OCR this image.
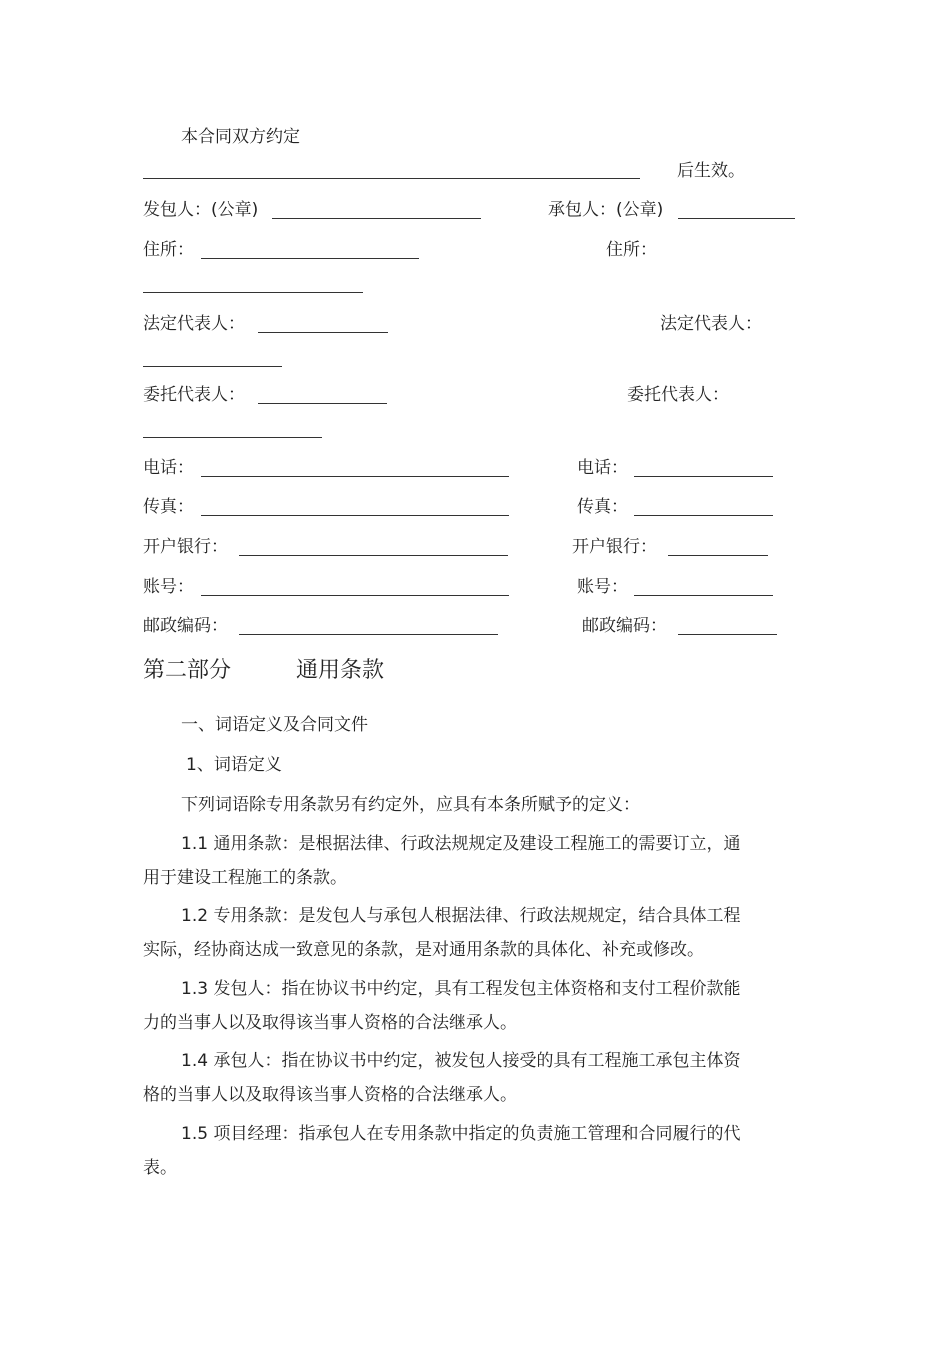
本合同双方约定
后生效。
发包人：(公章)	承包人：(公章)
住所：	住所：
法定代表人：	法定代表人：
委托代表人：	委托代表人：
电话：	电话：
传真：	传真：
开户银行：	开户银行：
账号：	账号：
邮政编码：	邮政编码：
第二部分	通用条款
一、词语定义及合同文件
1、词语定义
下列词语除专用条款另有约定外，应具有本条所赋予的定义：
1.1 通用条款：是根据法律、行政法规规定及建设工程施工的需要订立，通
用于建设工程施工的条款。
1.2 专用条款：是发包人与承包人根据法律、行政法规规定，结合具体工程
实际，经协商达成一致意见的条款，是对通用条款的具体化、补充或修改。
1.3 发包人：指在协议书中约定，具有工程发包主体资格和支付工程价款能
力的当事人以及取得该当事人资格的合法继承人。
1.4 承包人：指在协议书中约定，被发包人接受的具有工程施工承包主体资
格的当事人以及取得该当事人资格的合法继承人。
1.5 项目经理：指承包人在专用条款中指定的负责施工管理和合同履行的代
表。
